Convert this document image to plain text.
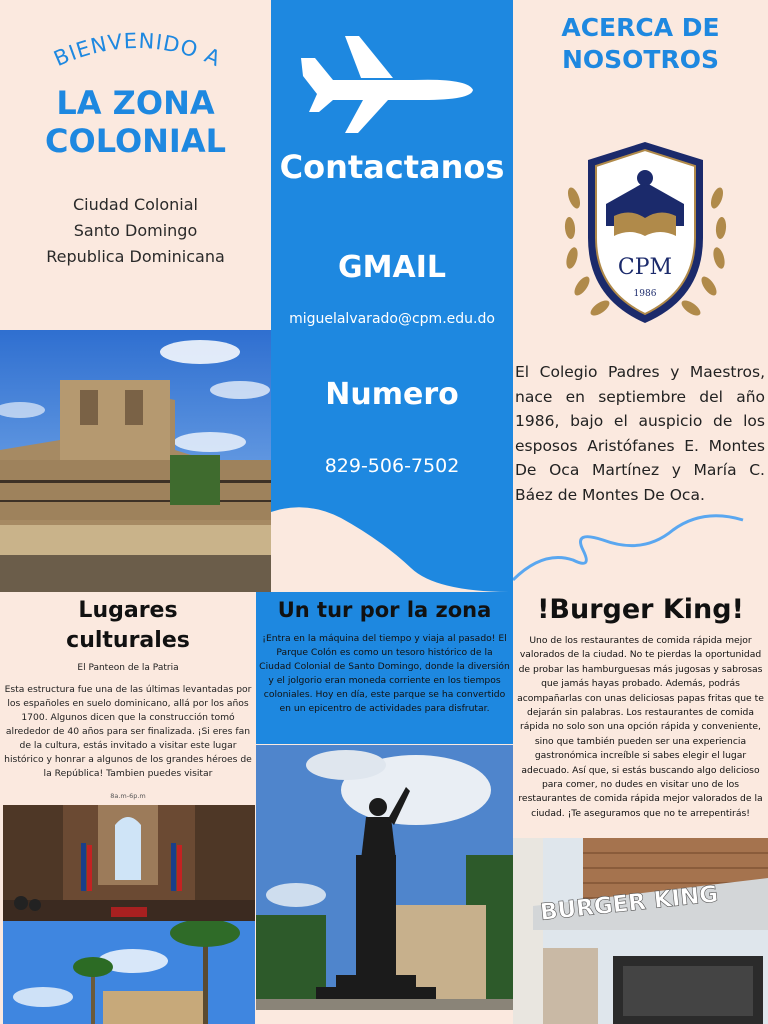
BIENVENIDO A
LA ZONA
COLONIAL
Ciudad Colonial
Santo Domingo
Republica Dominicana
Contactanos
GMAIL
miguelalvarado@cpm.edu.do
Numero
829-506-7502
ACERCA DE
NOSOTROS
CPM
1986
El Colegio Padres y Maestros, nace en septiembre del año 1986, bajo el auspicio de los esposos Aristófanes E. Montes De Oca Martínez y María C. Báez de Montes De Oca.
Lugares
culturales
El Panteon de la Patria
Esta estructura fue una de las últimas levantadas por los españoles en suelo dominicano, allá por los años 1700. Algunos dicen que la construcción tomó alrededor de 40 años para ser finalizada. ¡Si eres fan de la cultura, estás invitado a visitar este lugar histórico y honrar a algunos de los grandes héroes de la República! Tambien puedes visitar
8a.m-6p.m
Un tur por la zona
¡Entra en la máquina del tiempo y viaja al pasado! El Parque Colón es como un tesoro histórico de la Ciudad Colonial de Santo Domingo, donde la diversión y el jolgorio eran moneda corriente en los tiempos coloniales. Hoy en día, este parque se ha convertido en un epicentro de actividades para disfrutar.
!Burger King!
Uno de los restaurantes de comida rápida mejor valorados de la ciudad. No te pierdas la oportunidad de probar las hamburguesas más jugosas y sabrosas que jamás hayas probado. Además, podrás acompañarlas con unas deliciosas papas fritas que te dejarán sin palabras. Los restaurantes de comida rápida no solo son una opción rápida y conveniente, sino que también pueden ser una experiencia gastronómica increíble si sabes elegir el lugar adecuado. Así que, si estás buscando algo delicioso para comer, no dudes en visitar uno de los restaurantes de comida rápida mejor valorados de la ciudad. ¡Te aseguramos que no te arrepentirás!
BURGER KING
